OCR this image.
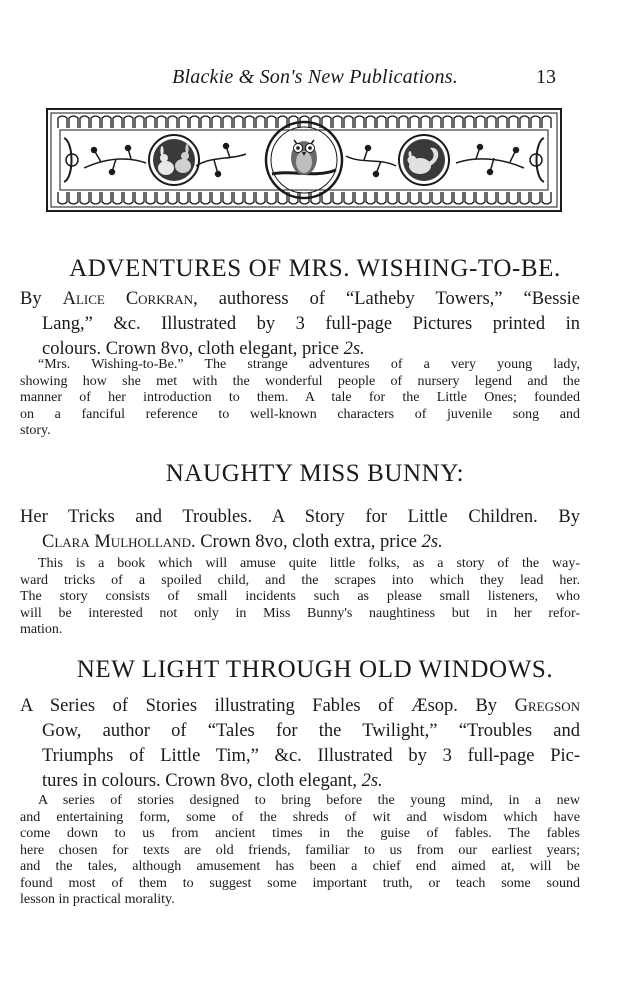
Blackie & Son's New Publications.	13
ADVENTURES OF MRS. WISHING-TO-BE.
By Alice Corkran, authoress of “Latheby Towers,” “Bessie
Lang,” &c. Illustrated by 3 full-page Pictures printed in
colours. Crown 8vo, cloth elegant, price 2s.
“Mrs. Wishing-to-Be.” The strange adventures of a very young lady,
showing how she met with the wonderful people of nursery legend and the
manner of her introduction to them. A tale for the Little Ones; founded
on a fanciful reference to well-known characters of juvenile song and
story.
NAUGHTY MISS BUNNY:
Her Tricks and Troubles. A Story for Little Children. By
Clara Mulholland. Crown 8vo, cloth extra, price 2s.
This is a book which will amuse quite little folks, as a story of the way-
ward tricks of a spoiled child, and the scrapes into which they lead her.
The story consists of small incidents such as please small listeners, who
will be interested not only in Miss Bunny's naughtiness but in her refor-
mation.
NEW LIGHT THROUGH OLD WINDOWS.
A Series of Stories illustrating Fables of Æsop. By Gregson
Gow, author of “Tales for the Twilight,” “Troubles and
Triumphs of Little Tim,” &c. Illustrated by 3 full-page Pic-
tures in colours. Crown 8vo, cloth elegant, 2s.
A series of stories designed to bring before the young mind, in a new
and entertaining form, some of the shreds of wit and wisdom which have
come down to us from ancient times in the guise of fables. The fables
here chosen for texts are old friends, familiar to us from our earliest years;
and the tales, although amusement has been a chief end aimed at, will be
found most of them to suggest some important truth, or teach some sound
lesson in practical morality.
